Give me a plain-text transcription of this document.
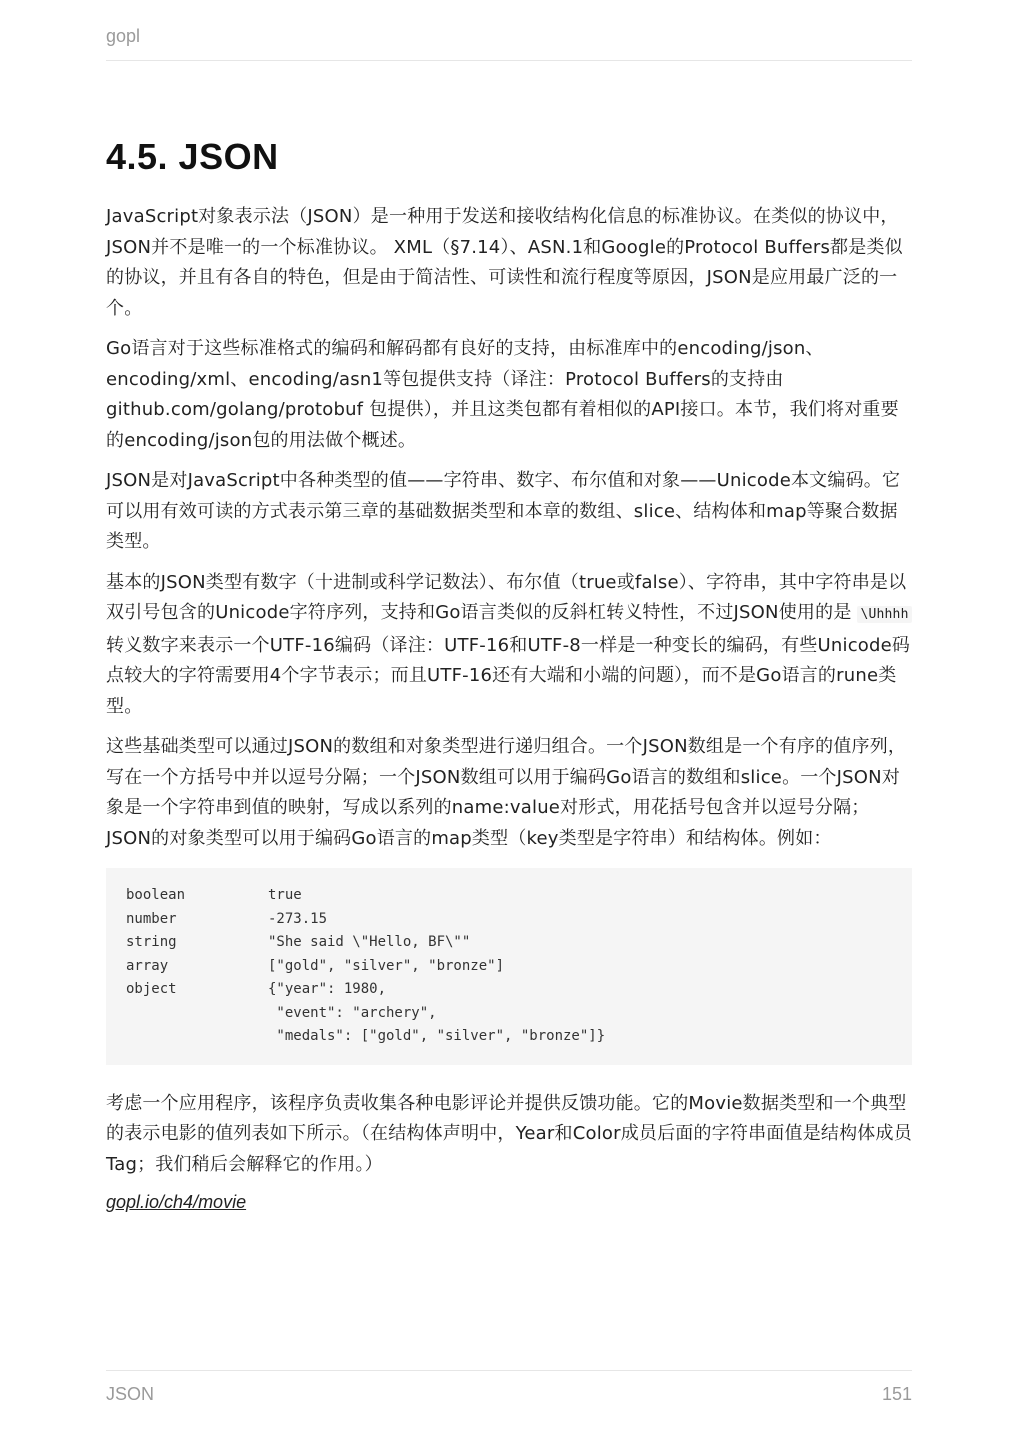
gopl
4.5. JSON

JavaScript对象表示法（JSON）是一种用于发送和接收结构化信息的标准协议。在类似的协议中，JSON并不是唯一的一个标准协议。 XML（§7.14）、ASN.1和Google的Protocol Buffers都是类似的协议，并且有各自的特色，但是由于简洁性、可读性和流行程度等原因，JSON是应用最广泛的一个。

Go语言对于这些标准格式的编码和解码都有良好的支持，由标准库中的encoding/json、encoding/xml、encoding/asn1等包提供支持（译注：Protocol Buffers的支持由 github.com/golang/protobuf 包提供），并且这类包都有着相似的API接口。本节，我们将对重要的encoding/json包的用法做个概述。

JSON是对JavaScript中各种类型的值——字符串、数字、布尔值和对象——Unicode本文编码。它可以用有效可读的方式表示第三章的基础数据类型和本章的数组、slice、结构体和map等聚合数据类型。

基本的JSON类型有数字（十进制或科学记数法）、布尔值（true或false）、字符串，其中字符串是以双引号包含的Unicode字符序列，支持和Go语言类似的反斜杠转义特性，不过JSON使用的是 \Uhhhh 转义数字来表示一个UTF-16编码（译注：UTF-16和UTF-8一样是一种变长的编码，有些Unicode码点较大的字符需要用4个字节表示；而且UTF-16还有大端和小端的问题），而不是Go语言的rune类型。

这些基础类型可以通过JSON的数组和对象类型进行递归组合。一个JSON数组是一个有序的值序列，写在一个方括号中并以逗号分隔；一个JSON数组可以用于编码Go语言的数组和slice。一个JSON对象是一个字符串到值的映射，写成以系列的name:value对形式，用花括号包含并以逗号分隔；JSON的对象类型可以用于编码Go语言的map类型（key类型是字符串）和结构体。例如：

boolean	true
number	-273.15
string	"She said \"Hello, BF\""
array	["gold", "silver", "bronze"]
object	{"year": 1980,
"event": "archery",
"medals": ["gold", "silver", "bronze"]}

考虑一个应用程序，该程序负责收集各种电影评论并提供反馈功能。它的Movie数据类型和一个典型的表示电影的值列表如下所示。（在结构体声明中，Year和Color成员后面的字符串面值是结构体成员Tag；我们稍后会解释它的作用。）

gopl.io/ch4/movie
JSON	151
